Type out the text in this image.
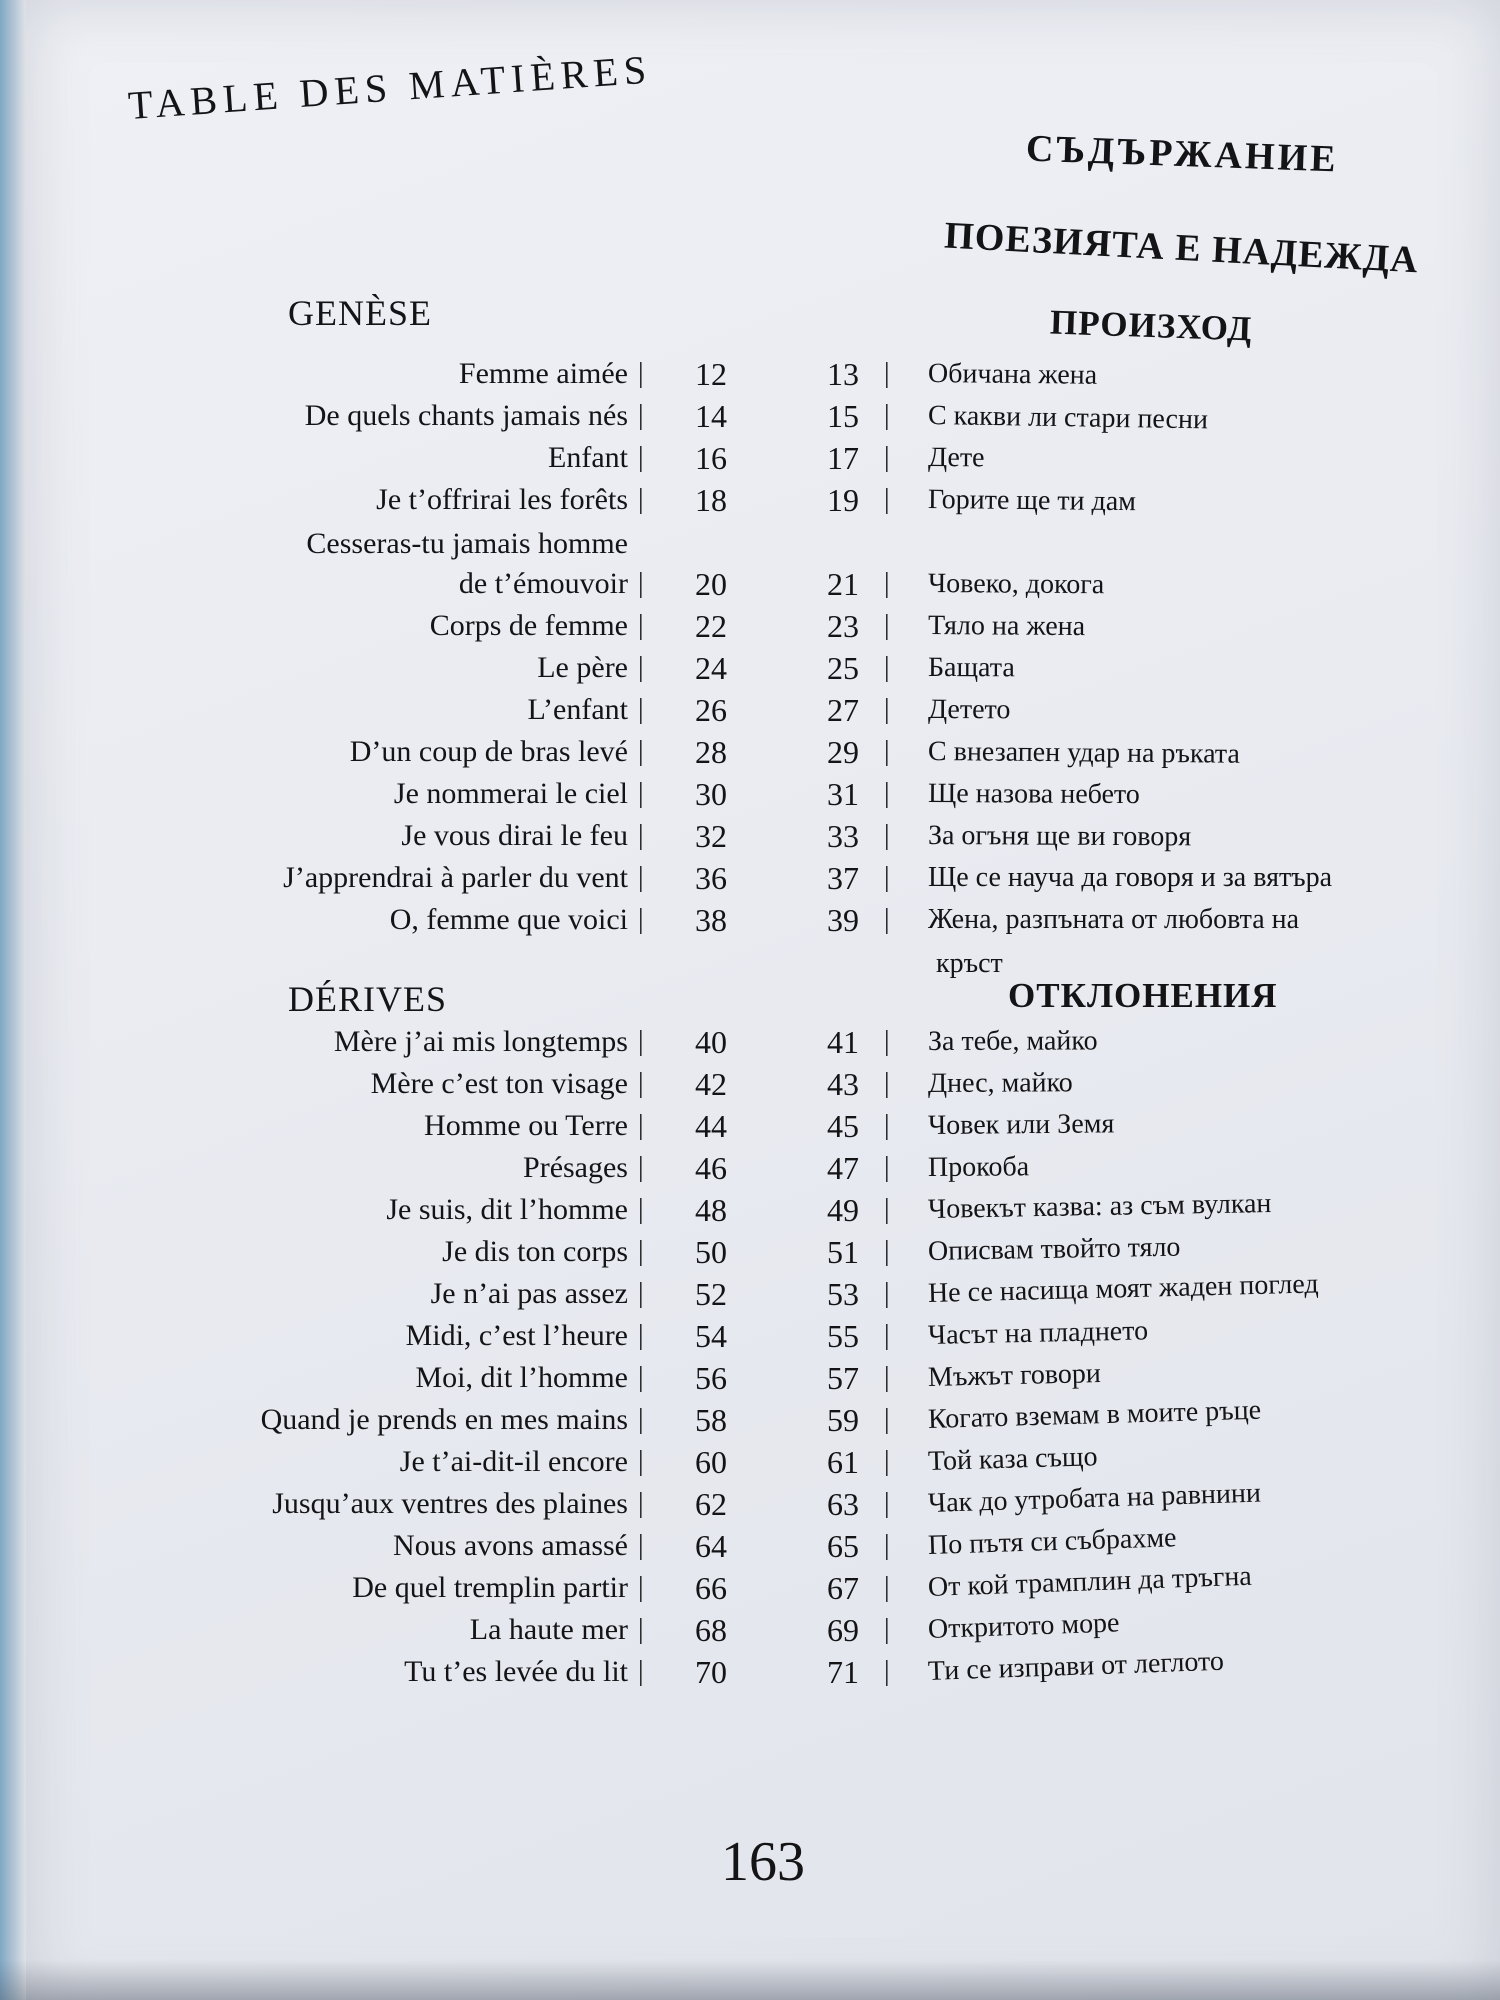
TABLE DES MATIÈRES
СЪДЪРЖАНИЕ
ПОЕЗИЯТА Е НАДЕЖДА
GENÈSE	ПРОИЗХОД
Femme aimée |	12	13 | Обичана жена
De quels chants jamais nés |	14	15 | С какви ли стари песни
Enfant |	16	17 | Дете
Je t’offrirai les forêts |	18	19 | Горите ще ти дам
Cesseras-tu jamais homme
de t’émouvoir |	20	21 | Човеко, докога
Corps de femme |	22	23 | Тяло на жена
Le père |	24	25 | Бащата
L’enfant |	26	27 | Детето
D’un coup de bras levé |	28	29 | С внезапен удар на ръката
Je nommerai le ciel |	30	31 | Ще назова небето
Je vous dirai le feu |	32	33 | За огъня ще ви говоря
J’apprendrai à parler du vent |	36	37 | Ще се науча да говоря и за вятъра
O, femme que voici |	38	39 | Жена, разпъната от любовта на
кръст
DÉRIVES	ОТКЛОНЕНИЯ
Mère j’ai mis longtemps |	40	41 | За тебе, майко
Mère c’est ton visage |	42	43 | Днес, майко
Homme ou Terre |	44	45 | Човек или Земя
Présages |	46	47 | Прокоба
Je suis, dit l’homme |	48	49 | Човекът казва: аз съм вулкан
Je dis ton corps |	50	51 | Описвам твойто тяло
Je n’ai pas assez |	52	53 | Не се насища моят жаден поглед
Midi, c’est l’heure |	54	55 | Часът на пладнето
Moi, dit l’homme |	56	57 | Мъжът говори
Quand je prends en mes mains |	58	59 | Когато вземам в моите ръце
Je t’ai-dit-il encore |	60	61 | Той каза също
Jusqu’aux ventres des plaines |	62	63 | Чак до утробата на равнини
Nous avons amassé |	64	65 | По пътя си събрахме
De quel tremplin partir |	66	67 | От кой трамплин да тръгна
La haute mer |	68	69 | Откритото море
Tu t’es levée du lit |	70	71 | Ти се изправи от леглото
163
